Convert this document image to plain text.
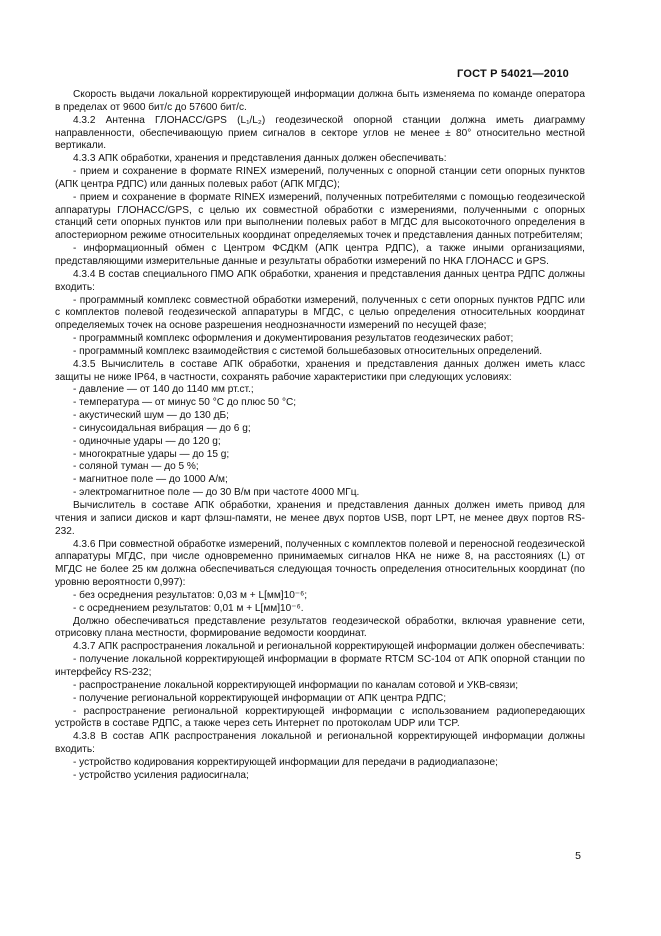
ГОСТ Р 54021—2010

Скорость выдачи локальной корректирующей информации должна быть изменяема по команде оператора в пределах от 9600 бит/с до 57600 бит/с.

4.3.2 Антенна ГЛОНАСС/GPS (L₁/L₂) геодезической опорной станции должна иметь диаграмму направленности, обеспечивающую прием сигналов в секторе углов не менее ± 80° относительно местной вертикали.

4.3.3 АПК обработки, хранения и представления данных должен обеспечивать:

- прием и сохранение в формате RINEX измерений, полученных с опорной станции сети опорных пунктов (АПК центра РДПС) или данных полевых работ (АПК МГДС);

- прием и сохранение в формате RINEX измерений, полученных потребителями с помощью геодезической аппаратуры ГЛОНАСС/GPS, с целью их совместной обработки с измерениями, полученными с опорных станций сети опорных пунктов или при выполнении полевых работ в МГДС для высокоточного определения в апостериорном режиме относительных координат определяемых точек и представления данных потребителям;

- информационный обмен с Центром ФСДКМ (АПК центра РДПС), а также иными организациями, представляющими измерительные данные и результаты обработки измерений по НКА ГЛОНАСС и GPS.

4.3.4 В состав специального ПМО АПК обработки, хранения и представления данных центра РДПС должны входить:

- программный комплекс совместной обработки измерений, полученных с сети опорных пунктов РДПС или с комплектов полевой геодезической аппаратуры в МГДС, с целью определения относительных координат определяемых точек на основе разрешения неоднозначности измерений по несущей фазе;

- программный комплекс оформления и документирования результатов геодезических работ;

- программный комплекс взаимодействия с системой большебазовых относительных определений.

4.3.5 Вычислитель в составе АПК обработки, хранения и представления данных должен иметь класс защиты не ниже IP64, в частности, сохранять рабочие характеристики при следующих условиях:

- давление — от 140 до 1140 мм рт.ст.;

- температура — от минус 50 °С до плюс 50 °С;

- акустический шум — до 130 дБ;

- синусоидальная вибрация — до 6 g;

- одиночные удары — до 120 g;

- многократные удары — до 15 g;

- соляной туман — до 5 %;

- магнитное поле — до 1000 А/м;

- электромагнитное поле — до 30 В/м при частоте 4000 МГц.

Вычислитель в составе АПК обработки, хранения и представления данных должен иметь привод для чтения и записи дисков и карт флэш-памяти, не менее двух портов USB, порт LPT, не менее двух портов RS-232.

4.3.6 При совместной обработке измерений, полученных с комплектов полевой и переносной геодезической аппаратуры МГДС, при числе одновременно принимаемых сигналов НКА не ниже 8, на расстояниях (L) от МГДС не более 25 км должна обеспечиваться следующая точность определения относительных координат (по уровню вероятности 0,997):

- без осреднения результатов: 0,03 м + L[мм]10⁻⁶;

- с осреднением результатов: 0,01 м + L[мм]10⁻⁶.

Должно обеспечиваться представление результатов геодезической обработки, включая уравнение сети, отрисовку плана местности, формирование ведомости координат.

4.3.7 АПК распространения локальной и региональной корректирующей информации должен обеспечивать:

- получение локальной корректирующей информации в формате RTCM SC-104 от АПК опорной станции по интерфейсу RS-232;

- распространение локальной корректирующей информации по каналам сотовой и УКВ-связи;

- получение региональной корректирующей информации от АПК центра РДПС;

- распространение региональной корректирующей информации с использованием радиопередающих устройств в составе РДПС, а также через сеть Интернет по протоколам UDP или TCP.

4.3.8 В состав АПК распространения локальной и региональной корректирующей информации должны входить:

- устройство кодирования корректирующей информации для передачи в радиодиапазоне;

- устройство усиления радиосигнала;

5
